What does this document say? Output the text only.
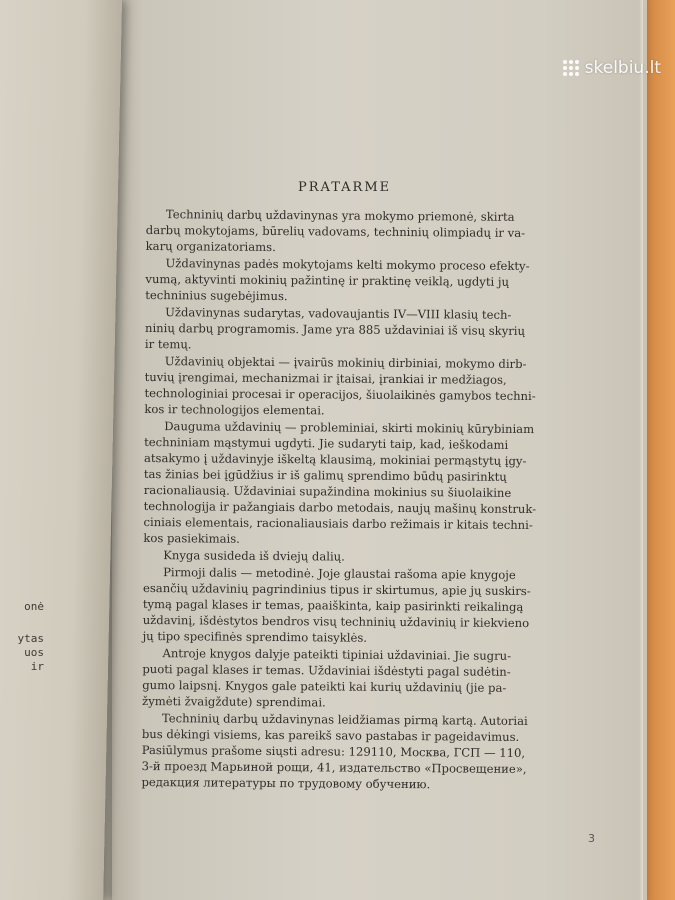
onė
ytas
uos
ir
skelbiu.lt
PRATARME

Techninių darbų uždavinynas yra mokymo priemonė, skirta
darbų mokytojams, būrelių vadovams, techninių olimpiadų ir va-
karų organizatoriams.

Uždavinynas padės mokytojams kelti mokymo proceso efekty-
vumą, aktyvinti mokinių pažintinę ir praktinę veiklą, ugdyti jų
techninius sugebėjimus.

Uždavinynas sudarytas, vadovaujantis IV—VIII klasių tech-
ninių darbų programomis. Jame yra 885 uždaviniai iš visų skyrių
ir temų.

Uždavinių objektai — įvairūs mokinių dirbiniai, mokymo dirb-
tuvių įrengimai, mechanizmai ir įtaisai, įrankiai ir medžiagos,
technologiniai procesai ir operacijos, šiuolaikinės gamybos techni-
kos ir technologijos elementai.

Dauguma uždavinių — probleminiai, skirti mokinių kūrybiniam
techniniam mąstymui ugdyti. Jie sudaryti taip, kad, ieškodami
atsakymo į uždavinyje iškeltą klausimą, mokiniai permąstytų įgy-
tas žinias bei įgūdžius ir iš galimų sprendimo būdų pasirinktų
racionaliausią. Uždaviniai supažindina mokinius su šiuolaikine
technologija ir pažangiais darbo metodais, naujų mašinų konstruk-
ciniais elementais, racionaliausiais darbo režimais ir kitais techni-
kos pasiekimais.

Knyga susideda iš dviejų dalių.

Pirmoji dalis — metodinė. Joje glaustai rašoma apie knygoje
esančių uždavinių pagrindinius tipus ir skirtumus, apie jų suskirs-
tymą pagal klases ir temas, paaiškinta, kaip pasirinkti reikalingą
uždavinį, išdėstytos bendros visų techninių uždavinių ir kiekvieno
jų tipo specifinės sprendimo taisyklės.

Antroje knygos dalyje pateikti tipiniai uždaviniai. Jie sugru-
puoti pagal klases ir temas. Uždaviniai išdėstyti pagal sudėtin-
gumo laipsnį. Knygos gale pateikti kai kurių uždavinių (jie pa-
žymėti žvaigždute) sprendimai.

Techninių darbų uždavinynas leidžiamas pirmą kartą. Autoriai
bus dėkingi visiems, kas pareikš savo pastabas ir pageidavimus.
Pasiūlymus prašome siųsti adresu: 129110, Москва, ГСП — 110,
3-й проезд Марьиной рощи, 41, издательство «Просвещение»,
редакция литературы по трудовому обучению.

3
